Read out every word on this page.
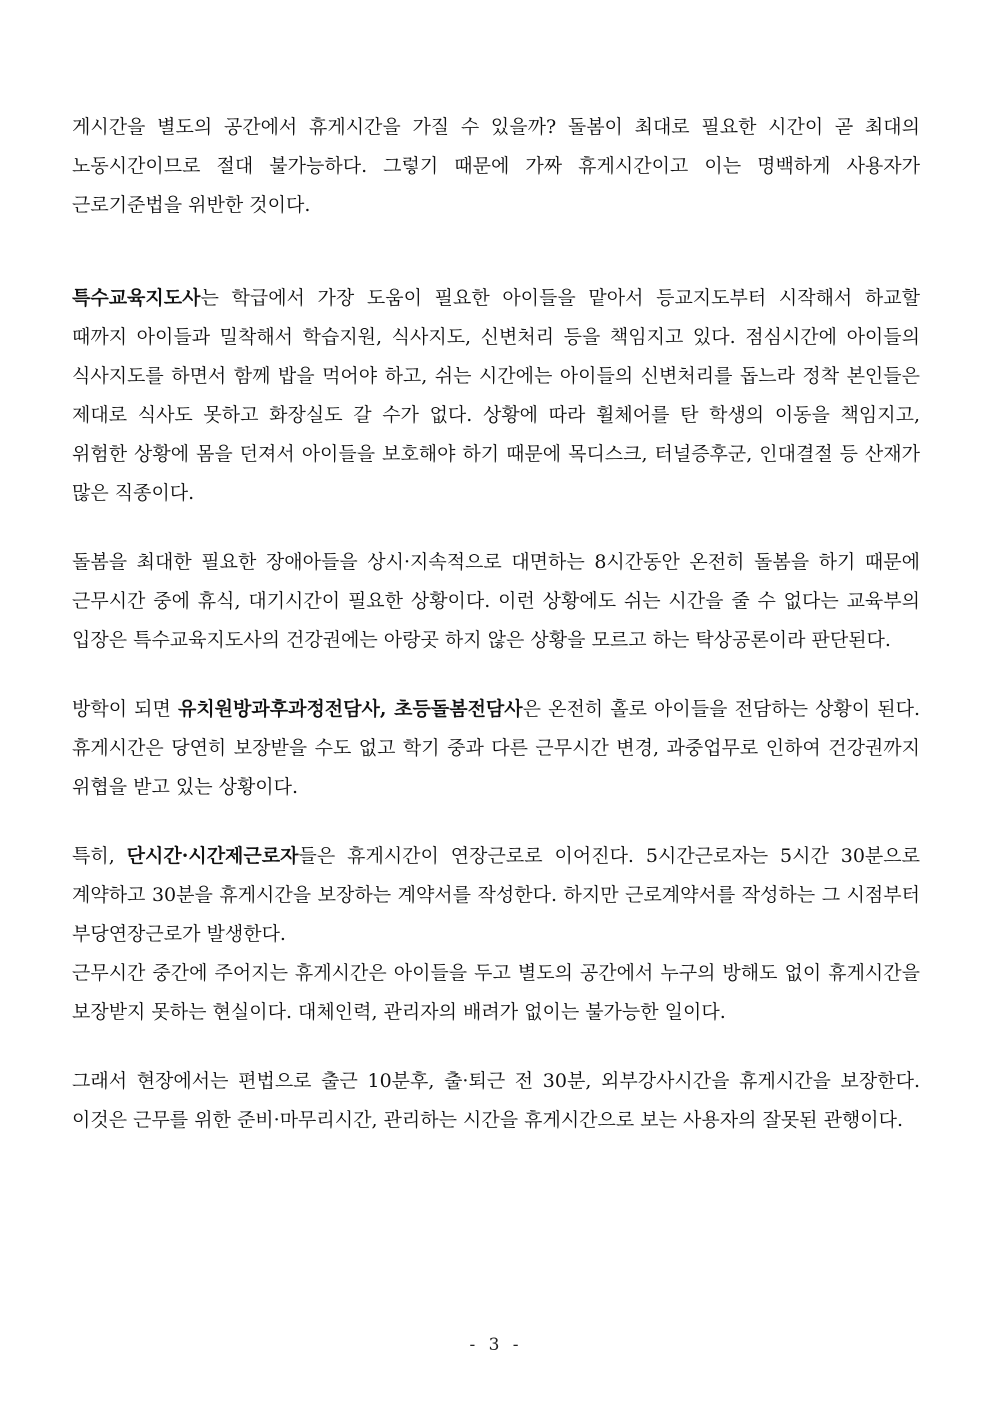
게시간을 별도의 공간에서 휴게시간을 가질 수 있을까? 돌봄이 최대로 필요한 시간이 곧 최대의 노동시간이므로 절대 불가능하다. 그렇기 때문에 가짜 휴게시간이고 이는 명백하게 사용자가 근로기준법을 위반한 것이다.

특수교육지도사는 학급에서 가장 도움이 필요한 아이들을 맡아서 등교지도부터 시작해서 하교할 때까지 아이들과 밀착해서 학습지원, 식사지도, 신변처리 등을 책임지고 있다. 점심시간에 아이들의 식사지도를 하면서 함께 밥을 먹어야 하고, 쉬는 시간에는 아이들의 신변처리를 돕느라 정착 본인들은 제대로 식사도 못하고 화장실도 갈 수가 없다. 상황에 따라 휠체어를 탄 학생의 이동을 책임지고, 위험한 상황에 몸을 던져서 아이들을 보호해야 하기 때문에 목디스크, 터널증후군, 인대결절 등 산재가 많은 직종이다.

돌봄을 최대한 필요한 장애아들을 상시·지속적으로 대면하는 8시간동안 온전히 돌봄을 하기 때문에 근무시간 중에 휴식, 대기시간이 필요한 상황이다. 이런 상황에도 쉬는 시간을 줄 수 없다는 교육부의 입장은 특수교육지도사의 건강권에는 아랑곳 하지 않은 상황을 모르고 하는 탁상공론이라 판단된다.

방학이 되면 유치원방과후과정전담사, 초등돌봄전담사은 온전히 홀로 아이들을 전담하는 상황이 된다. 휴게시간은 당연히 보장받을 수도 없고 학기 중과 다른 근무시간 변경, 과중업무로 인하여 건강권까지 위협을 받고 있는 상황이다.

특히, 단시간·시간제근로자들은 휴게시간이 연장근로로 이어진다. 5시간근로자는 5시간 30분으로 계약하고 30분을 휴게시간을 보장하는 계약서를 작성한다. 하지만 근로계약서를 작성하는 그 시점부터 부당연장근로가 발생한다.

근무시간 중간에 주어지는 휴게시간은 아이들을 두고 별도의 공간에서 누구의 방해도 없이 휴게시간을 보장받지 못하는 현실이다. 대체인력, 관리자의 배려가 없이는 불가능한 일이다.

그래서 현장에서는 편법으로 출근 10분후, 출·퇴근 전 30분, 외부강사시간을 휴게시간을 보장한다. 이것은 근무를 위한 준비·마무리시간, 관리하는 시간을 휴게시간으로 보는 사용자의 잘못된 관행이다.

- 3 -
